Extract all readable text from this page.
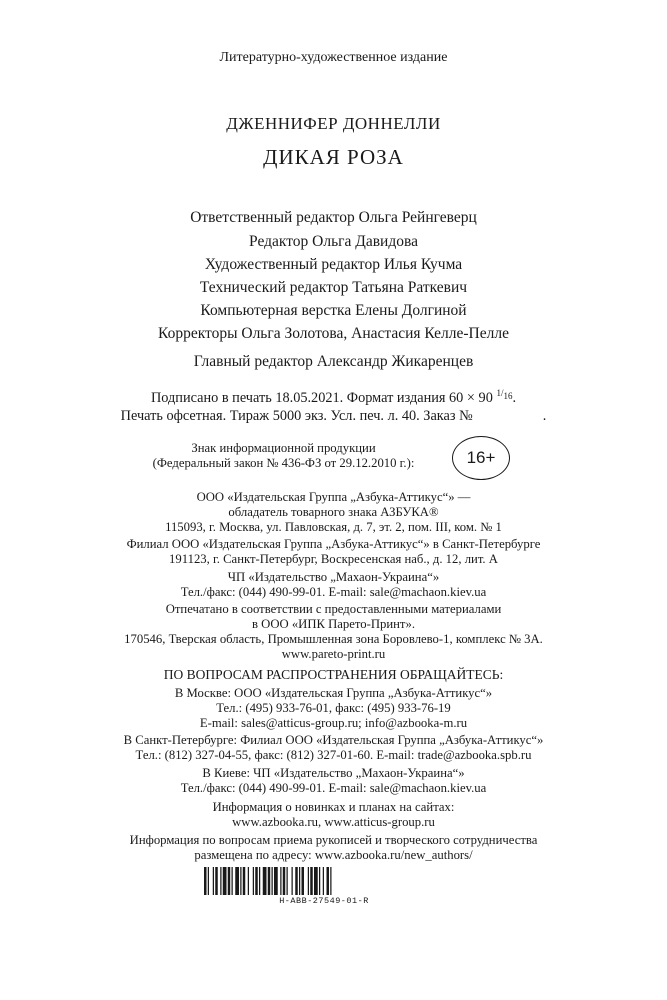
Литературно-художественное издание
ДЖЕННИФЕР ДОННЕЛЛИ
ДИКАЯ РОЗА
Ответственный редактор Ольга Рейнгеверц
Редактор Ольга Давидова
Художественный редактор Илья Кучма
Технический редактор Татьяна Раткевич
Компьютерная верстка Елены Долгиной
Корректоры Ольга Золотова, Анастасия Келле-Пелле
Главный редактор Александр Жикаренцев
Подписано в печать 18.05.2021. Формат издания 60 × 90 $^{1/16}$.
Печать офсетная. Тираж 5000 экз. Усл. печ. л. 40. Заказ №	.
Знак информационной продукции
(Федеральный закон № 436-ФЗ от 29.12.2010 г.):	16+
ООО «Издательская Группа „Азбука-Аттикус“» —
обладатель товарного знака АЗБУКА®
115093, г. Москва, ул. Павловская, д. 7, эт. 2, пом. III, ком. № 1
Филиал ООО «Издательская Группа „Азбука-Аттикус“» в Санкт-Петербурге
191123, г. Санкт-Петербург, Воскресенская наб., д. 12, лит. А
ЧП «Издательство „Махаон-Украина“»
Тел./факс: (044) 490-99-01. E-mail: sale@machaon.kiev.ua
Отпечатано в соответствии с предоставленными материалами
в ООО «ИПК Парето-Принт».
170546, Тверская область, Промышленная зона Боровлево-1, комплекс № 3А.
www.pareto-print.ru
ПО ВОПРОСАМ РАСПРОСТРАНЕНИЯ ОБРАЩАЙТЕСЬ:
В Москве: ООО «Издательская Группа „Азбука-Аттикус“»
Тел.: (495) 933-76-01, факс: (495) 933-76-19
E-mail: sales@atticus-group.ru; info@azbooka-m.ru
В Санкт-Петербурге: Филиал ООО «Издательская Группа „Азбука-Аттикус“»
Тел.: (812) 327-04-55, факс: (812) 327-01-60. E-mail: trade@azbooka.spb.ru
В Киеве: ЧП «Издательство „Махаон-Украина“»
Тел./факс: (044) 490-99-01. E-mail: sale@machaon.kiev.ua
Информация о новинках и планах на сайтах:
www.azbooka.ru, www.atticus-group.ru
Информация по вопросам приема рукописей и творческого сотрудничества
размещена по адресу: www.azbooka.ru/new_authors/
H-ABB-27549-01-R
